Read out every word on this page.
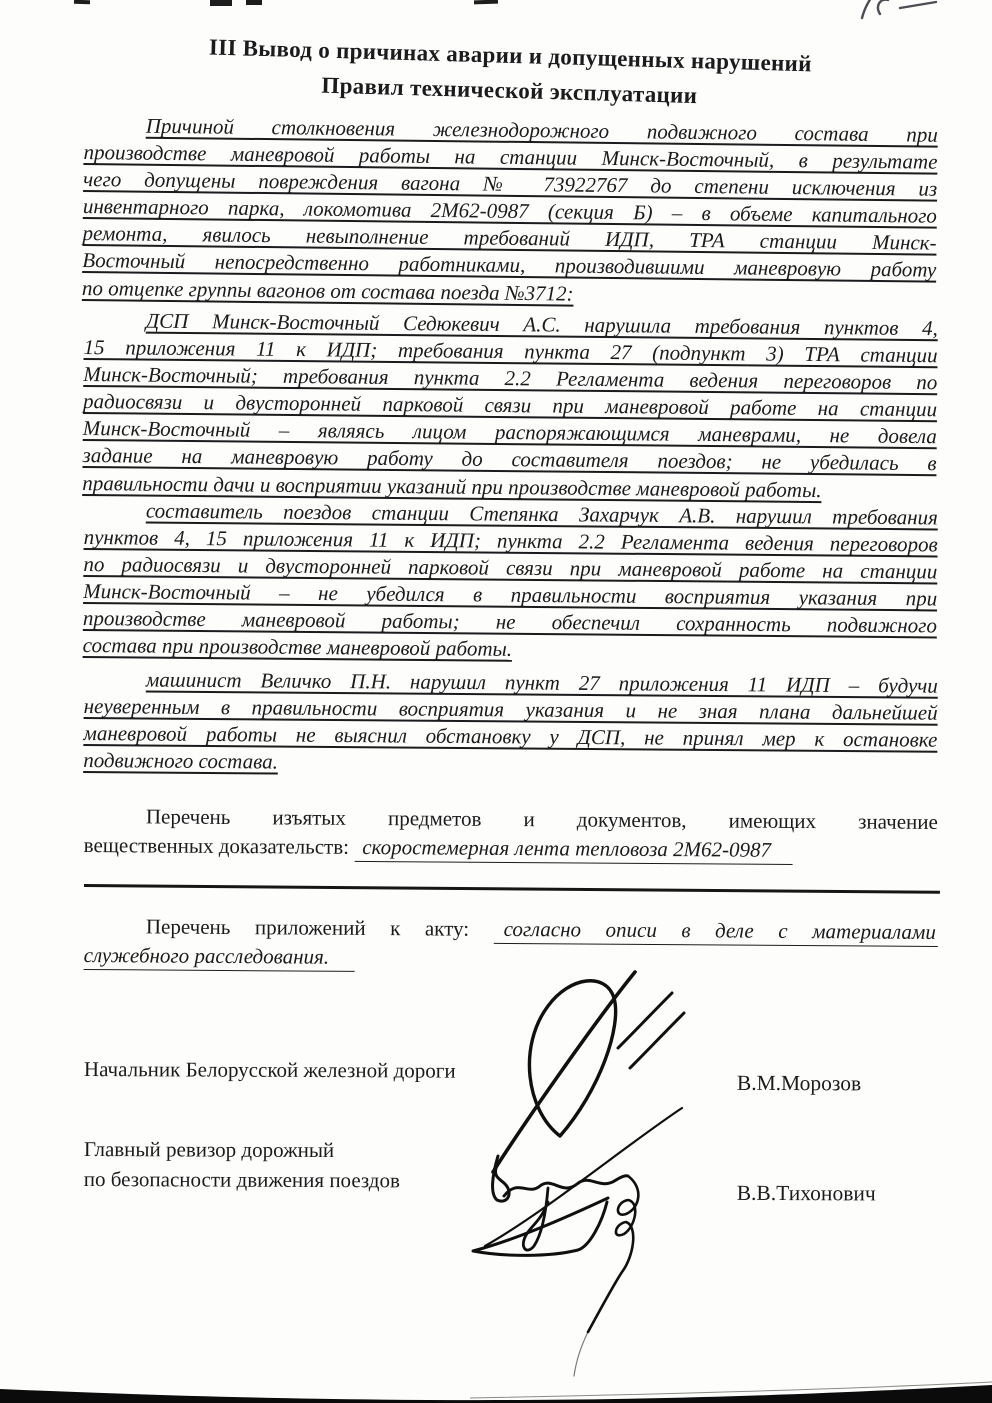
III Вывод о причинах аварии и допущенных нарушений
Правил технической эксплуатации
Причиной столкновения железнодорожного подвижного состава при
производстве маневровой работы на станции Минск-Восточный, в результате
чего допущены повреждения вагона № 73922767 до степени исключения из
инвентарного парка, локомотива 2М62-0987 (секция Б) – в объеме капитального
ремонта, явилось невыполнение требований ИДП, ТРА станции Минск-
Восточный непосредственно работниками, производившими маневровую работу
по отцепке группы вагонов от состава поезда №3712:
ДСП Минск-Восточный Седюкевич А.С. нарушила требования пунктов 4,
15 приложения 11 к ИДП; требования пункта 27 (подпункт 3) ТРА станции
Минск-Восточный; требования пункта 2.2 Регламента ведения переговоров по
радиосвязи и двусторонней парковой связи при маневровой работе на станции
Минск-Восточный – являясь лицом распоряжающимся маневрами, не довела
задание на маневровую работу до составителя поездов; не убедилась в
правильности дачи и восприятии указаний при производстве маневровой работы.
составитель поездов станции Степянка Захарчук А.В. нарушил требования
пунктов 4, 15 приложения 11 к ИДП; пункта 2.2 Регламента ведения переговоров
по радиосвязи и двусторонней парковой связи при маневровой работе на станции
Минск-Восточный – не убедился в правильности восприятия указания при
производстве маневровой работы; не обеспечил сохранность подвижного
состава при производстве маневровой работы.
машинист Величко П.Н. нарушил пункт 27 приложения 11 ИДП – будучи
неуверенным в правильности восприятия указания и не зная плана дальнейшей
маневровой работы не выяснил обстановку у ДСП, не принял мер к остановке
подвижного состава.
Перечень изъятых предметов и документов, имеющих значение
вещественных доказательств: скоростемерная лента тепловоза 2М62-0987
Перечень приложений к акту: согласно описи в деле с материалами
служебного расследования.
Начальник Белорусской железной дороги
В.М.Морозов
Главный ревизор дорожный
по безопасности движения поездов
В.В.Тихонович
